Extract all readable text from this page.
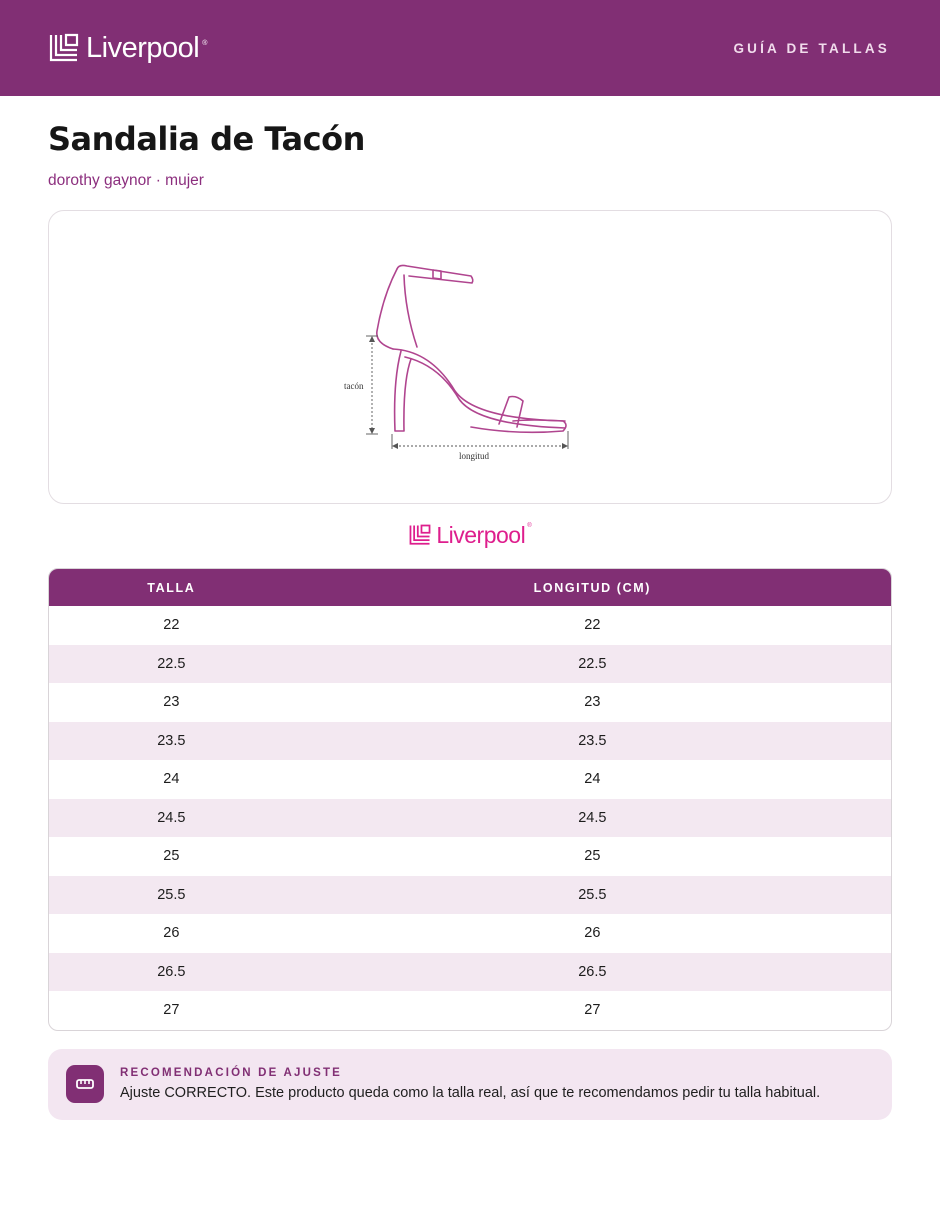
Liverpool ®	GUÍA DE TALLAS
Sandalia de Tacón
dorothy gaynor · mujer
tacón
longitud
Liverpool ®
TALLA	LONGITUD (CM)
22	22
22.5	22.5
23	23
23.5	23.5
24	24
24.5	24.5
25	25
25.5	25.5
26	26
26.5	26.5
27	27
RECOMENDACIÓN DE AJUSTE
Ajuste CORRECTO. Este producto queda como la talla real, así que te recomendamos pedir tu talla habitual.
